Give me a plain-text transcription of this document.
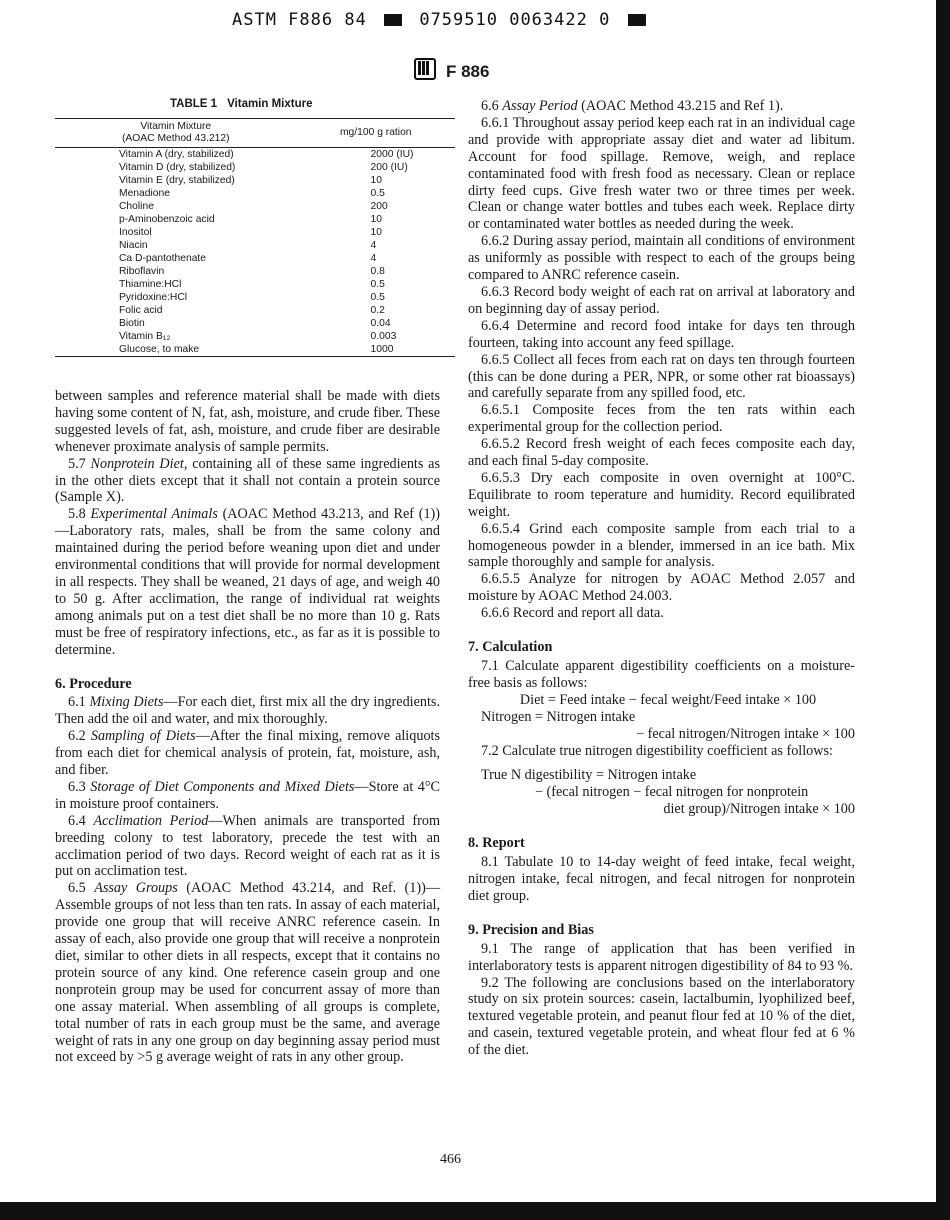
ASTM F886 84	0759510 0063422 0
F 886
TABLE 1 Vitamin Mixture
Vitamin Mixture
(AOAC Method 43.212)	mg/100 g ration
Vitamin A (dry, stabilized)	2000 (IU)
Vitamin D (dry, stabilized)	200 (IU)
Vitamin E (dry, stabilized)	10
Menadione	0.5
Choline	200
p-Aminobenzoic acid	10
Inositol	10
Niacin	4
Ca D-pantothenate	4
Riboflavin	0.8
Thiamine:HCl	0.5
Pyridoxine:HCl	0.5
Folic acid	0.2
Biotin	0.04
Vitamin B₁₂	0.003
Glucose, to make	1000

between samples and reference material shall be made with diets having some content of N, fat, ash, moisture, and crude fiber. These suggested levels of fat, ash, moisture, and crude fiber are desirable whenever proximate analysis of sample permits.

5.7 Nonprotein Diet, containing all of these same ingredients as in the other diets except that it shall not contain a protein source (Sample X).

5.8 Experimental Animals (AOAC Method 43.213, and Ref (1))—Laboratory rats, males, shall be from the same colony and maintained during the period before weaning upon diet and under environmental conditions that will provide for normal development in all respects. They shall be weaned, 21 days of age, and weigh 40 to 50 g. After acclimation, the range of individual rat weights among animals put on a test diet shall be no more than 10 g. Rats must be free of respiratory infections, etc., as far as it is possible to determine.

6. Procedure

6.1 Mixing Diets—For each diet, first mix all the dry ingredients. Then add the oil and water, and mix thoroughly.

6.2 Sampling of Diets—After the final mixing, remove aliquots from each diet for chemical analysis of protein, fat, moisture, ash, and fiber.

6.3 Storage of Diet Components and Mixed Diets—Store at 4°C in moisture proof containers.

6.4 Acclimation Period—When animals are transported from breeding colony to test laboratory, precede the test with an acclimation period of two days. Record weight of each rat as it is put on acclimation test.

6.5 Assay Groups (AOAC Method 43.214, and Ref. (1))—Assemble groups of not less than ten rats. In assay of each material, provide one group that will receive ANRC reference casein. In assay of each, also provide one group that will receive a nonprotein diet, similar to other diets in all respects, except that it contains no protein source of any kind. One reference casein group and one nonprotein group may be used for concurrent assay of more than one assay material. When assembling of all groups is complete, total number of rats in each group must be the same, and average weight of rats in any one group on day beginning assay period must not exceed by >5 g average weight of rats in any other group.

6.6 Assay Period (AOAC Method 43.215 and Ref 1).

6.6.1 Throughout assay period keep each rat in an individual cage and provide with appropriate assay diet and water ad libitum. Account for food spillage. Remove, weigh, and replace contaminated food with fresh food as necessary. Clean or replace dirty feed cups. Give fresh water two or three times per week. Clean or change water bottles and tubes each week. Replace dirty or contaminated water bottles as needed during the week.

6.6.2 During assay period, maintain all conditions of environment as uniformly as possible with respect to each of the groups being compared to ANRC reference casein.

6.6.3 Record body weight of each rat on arrival at laboratory and on beginning day of assay period.

6.6.4 Determine and record food intake for days ten through fourteen, taking into account any feed spillage.

6.6.5 Collect all feces from each rat on days ten through fourteen (this can be done during a PER, NPR, or some other rat bioassays) and carefully separate from any spilled food, etc.

6.6.5.1 Composite feces from the ten rats within each experimental group for the collection period.

6.6.5.2 Record fresh weight of each feces composite each day, and each final 5-day composite.

6.6.5.3 Dry each composite in oven overnight at 100°C. Equilibrate to room teperature and humidity. Record equilibrated weight.

6.6.5.4 Grind each composite sample from each trial to a homogeneous powder in a blender, immersed in an ice bath. Mix sample thoroughly and sample for analysis.

6.6.5.5 Analyze for nitrogen by AOAC Method 2.057 and moisture by AOAC Method 24.003.

6.6.6 Record and report all data.

7. Calculation

7.1 Calculate apparent digestibility coefficients on a moisture-free basis as follows:

Diet = Feed intake − fecal weight/Feed intake × 100

Nitrogen = Nitrogen intake

− fecal nitrogen/Nitrogen intake × 100

7.2 Calculate true nitrogen digestibility coefficient as follows:

True N digestibility = Nitrogen intake

− (fecal nitrogen − fecal nitrogen for nonprotein

diet group)/Nitrogen intake × 100

8. Report

8.1 Tabulate 10 to 14-day weight of feed intake, fecal weight, nitrogen intake, fecal nitrogen, and fecal nitrogen for nonprotein diet group.

9. Precision and Bias

9.1 The range of application that has been verified in interlaboratory tests is apparent nitrogen digestibility of 84 to 93 %.

9.2 The following are conclusions based on the interlaboratory study on six protein sources: casein, lactalbumin, lyophilized beef, textured vegetable protein, and peanut flour fed at 10 % of the diet, and casein, textured vegetable protein, and wheat flour fed at 6 % of the diet.

466
